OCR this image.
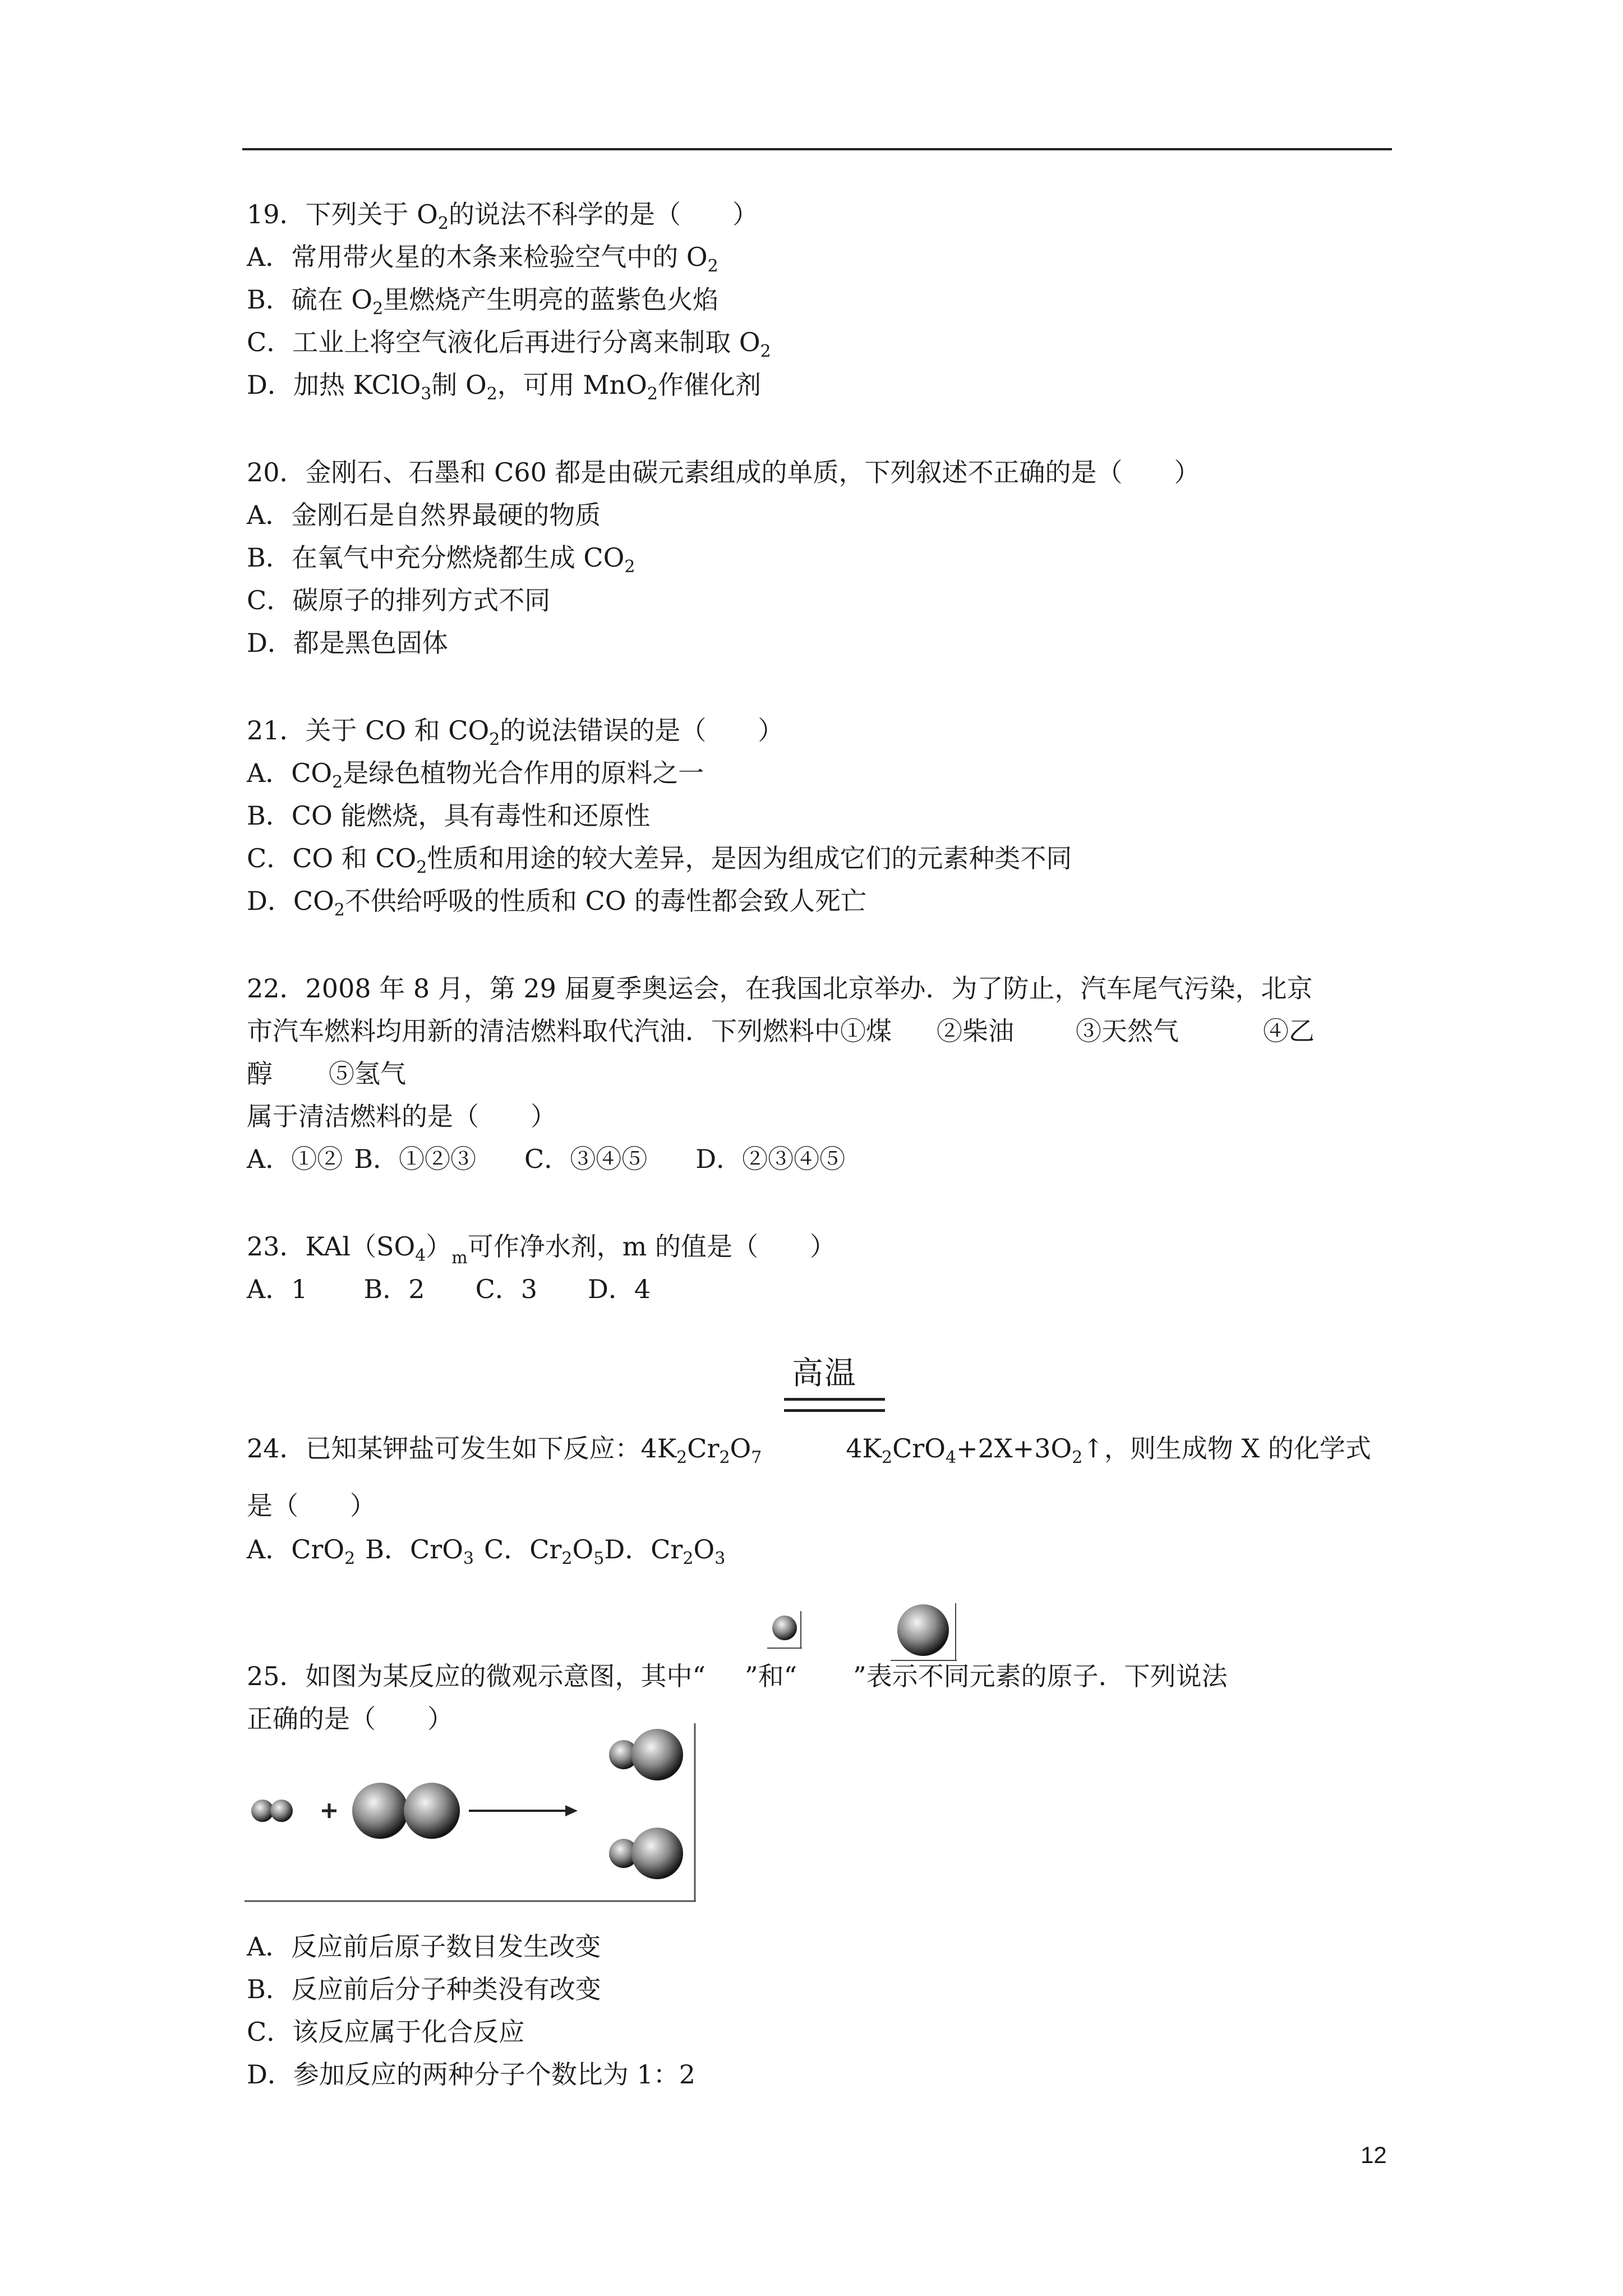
19．下列关于 $O_2$的说法不科学的是（　　）
A．常用带火星的木条来检验空气中的 $O_2$
B．硫在 $O_2$里燃烧产生明亮的蓝紫色火焰
C．工业上将空气液化后再进行分离来制取 $O_2$
D．加热 KClO$_3$制 $O_2$，可用 MnO$_2$作催化剂
20．金刚石、石墨和 C60 都是由碳元素组成的单质，下列叙述不正确的是（　　）
A．金刚石是自然界最硬的物质
B．在氧气中充分燃烧都生成 $CO_2$
C．碳原子的排列方式不同
D．都是黑色固体
21．关于 CO 和 $CO_2$的说法错误的是（　　）
A．$CO_2$是绿色植物光合作用的原料之一
B．CO 能燃烧，具有毒性和还原性
C．CO 和 $CO_2$性质和用途的较大差异，是因为组成它们的元素种类不同
D．$CO_2$不供给呼吸的性质和 CO 的毒性都会致人死亡
22．2008 年 8 月，第 29 届夏季奥运会，在我国北京举办．为了防止，汽车尾气污染，北京
市汽车燃料均用新的清洁燃料取代汽油．下列燃料中①煤 ②柴油 ③天然气	④乙
醇 ⑤氢气
属于清洁燃料的是（　　）
A．①② B．①②③ C．③④⑤ D．②③④⑤
23．$KAl(SO_4)_m$可作净水剂，m 的值是（　　）
A．1 B．2 C．3 D．4
高温
24．已知某钾盐可发生如下反应：$4K_2Cr_2O_7$	$4K_2CrO_4+2X+3O_2↑$，则生成物 X 的化学式
是（　　）
A．CrO$_2$ B．CrO$_3$ C．$Cr_2O_5D$．$Cr_2O_3$
25．如图为某反应的微观示意图，其中“ ”和“ ”表示不同元素的原子．下列说法
正确的是（　　）
A．反应前后原子数目发生改变
B．反应前后分子种类没有改变
C．该反应属于化合反应
D．参加反应的两种分子个数比为 1：2
12
